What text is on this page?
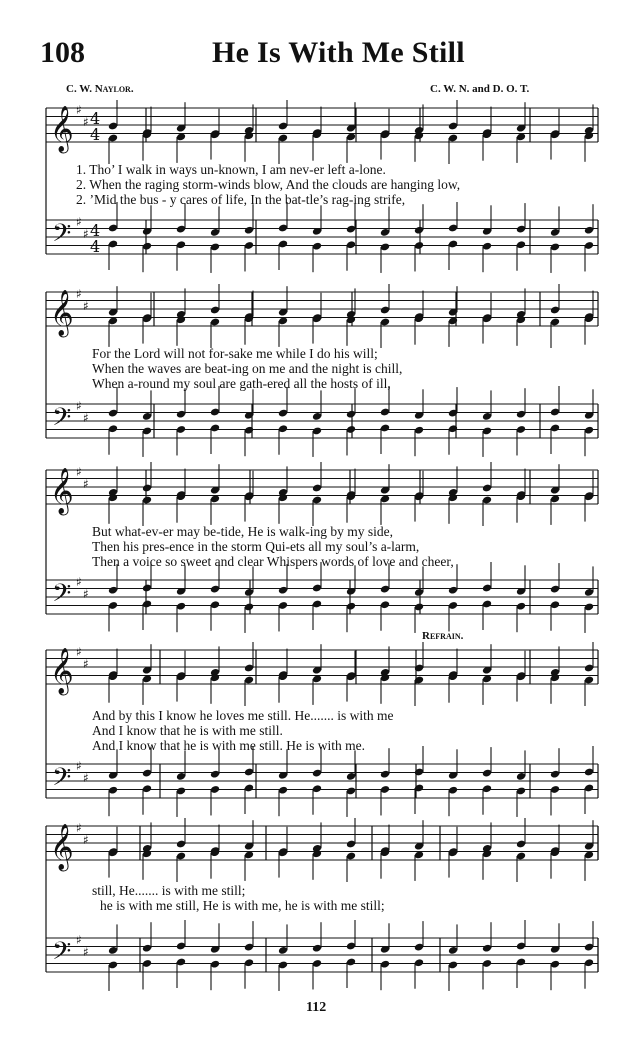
108	He Is With Me Still
C. W. Naylor.	C. W. N. and D. O. T.
𝄞 ♯
♯
𝄢 ♯
♯
𝄞 ♯
♯
𝄢 ♯
♯
𝄞 ♯
♯
𝄢 ♯
♯
𝄞 ♯
♯
𝄢 ♯
♯
𝄞 ♯
♯
𝄢 ♯
♯
4
4
4
4
1. Tho’ I walk in ways un-known, I am nev-er left a-lone.
2. When the raging storm-winds blow, And the clouds are hanging low,
2. ’Mid the bus - y cares of life, In the bat-tle’s rag-ing strife,
For the Lord will not for-sake me while I do his will;
When the waves are beat-ing on me and the night is chill,
When a-round my soul are gath-ered all the hosts of ill,
But what-ev-er may be-tide, He is walk-ing by my side,
Then his pres-ence in the storm Qui-ets all my soul’s a-larm,
Then a voice so sweet and clear Whispers words of love and cheer,
Refrain.
And by this I know he loves me still. He....... is with me
And I know that he is with me still.
And I know that he is with me still. He is with me.
still, He....... is with me still;
he is with me still, He is with me, he is with me still;
112
